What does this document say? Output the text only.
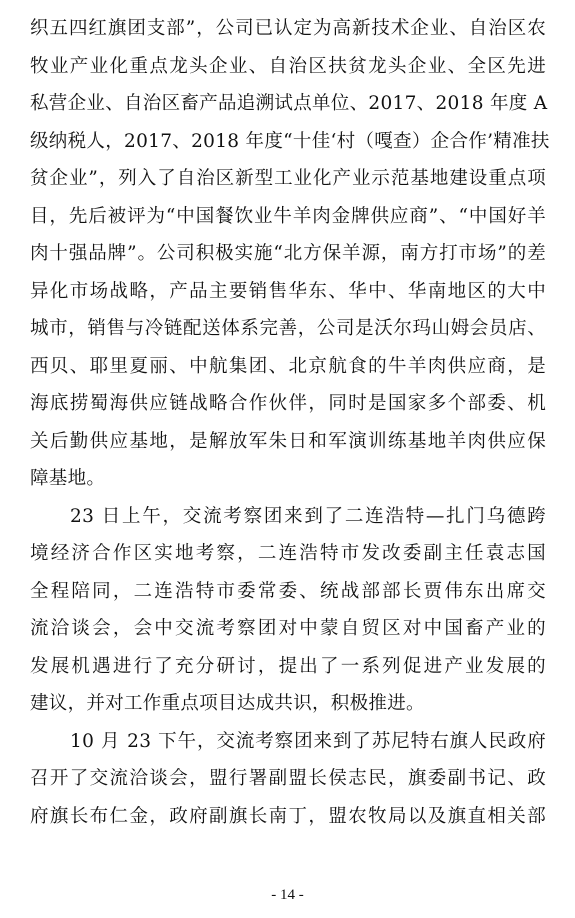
织五四红旗团支部”，公司已认定为高新技术企业、自治区农
牧业产业化重点龙头企业、自治区扶贫龙头企业、全区先进
私营企业、自治区畜产品追溯试点单位、2017、2018 年度 A
级纳税人，2017、2018 年度“十佳‘村（嘎查）企合作’精准扶
贫企业”，列入了自治区新型工业化产业示范基地建设重点项
目，先后被评为“中国餐饮业牛羊肉金牌供应商”、“中国好羊
肉十强品牌”。公司积极实施“北方保羊源，南方打市场”的差
异化市场战略，产品主要销售华东、华中、华南地区的大中
城市，销售与冷链配送体系完善，公司是沃尔玛山姆会员店、
西贝、耶里夏丽、中航集团、北京航食的牛羊肉供应商，是
海底捞蜀海供应链战略合作伙伴，同时是国家多个部委、机
关后勤供应基地，是解放军朱日和军演训练基地羊肉供应保
障基地。
23 日上午，交流考察团来到了二连浩特—扎门乌德跨
境经济合作区实地考察，二连浩特市发改委副主任袁志国
全程陪同，二连浩特市委常委、统战部部长贾伟东出席交
流洽谈会，会中交流考察团对中蒙自贸区对中国畜产业的
发展机遇进行了充分研讨，提出了一系列促进产业发展的
建议，并对工作重点项目达成共识，积极推进。
10 月 23 下午，交流考察团来到了苏尼特右旗人民政府
召开了交流洽谈会，盟行署副盟长侯志民，旗委副书记、政
府旗长布仁金，政府副旗长南丁，盟农牧局以及旗直相关部
- 14 -
